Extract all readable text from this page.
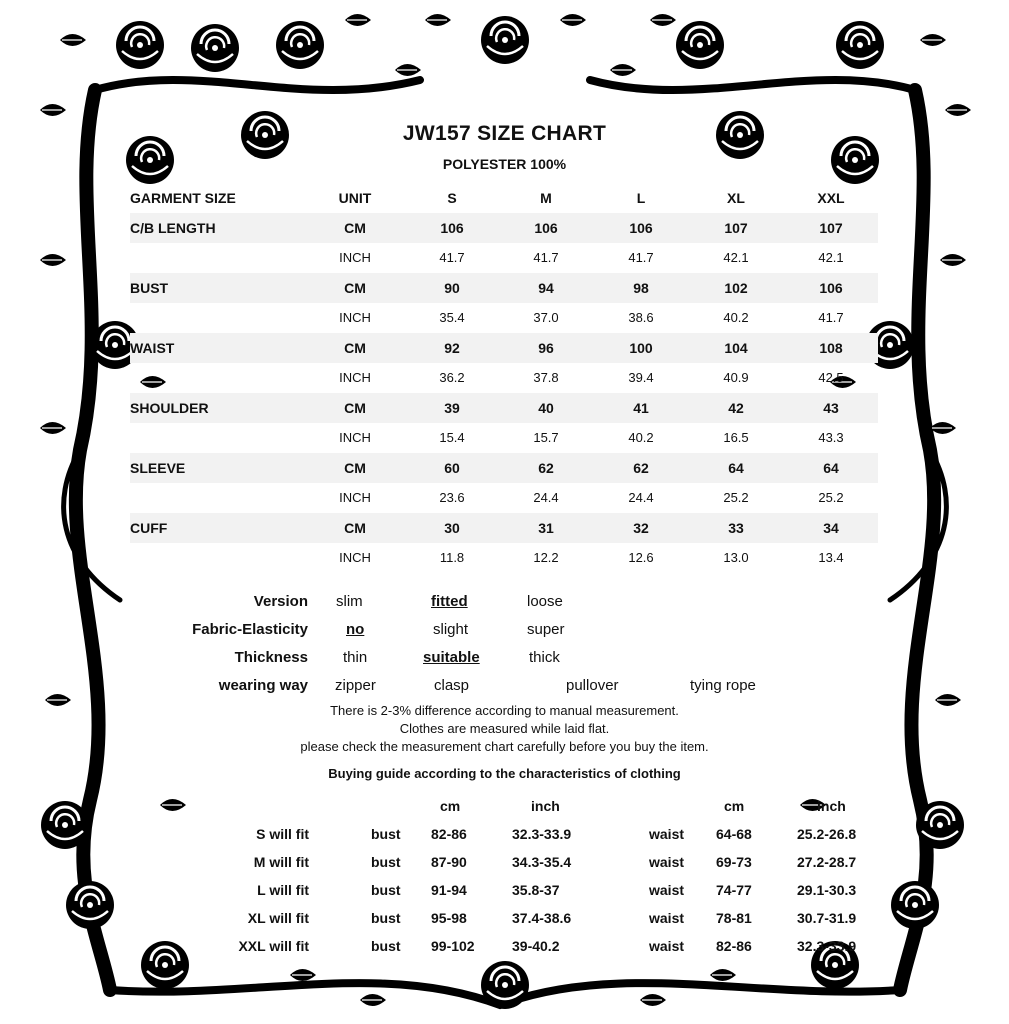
JW157 SIZE CHART
POLYESTER 100%
GARMENT SIZE	UNIT	S	M	L	XL	XXL
C/B LENGTH	CM	106	106	106	107	107
INCH	41.7	41.7	41.7	42.1	42.1
BUST	CM	90	94	98	102	106
INCH	35.4	37.0	38.6	40.2	41.7
WAIST	CM	92	96	100	104	108
INCH	36.2	37.8	39.4	40.9	42.5
SHOULDER	CM	39	40	41	42	43
INCH	15.4	15.7	40.2	16.5	43.3
SLEEVE	CM	60	62	62	64	64
INCH	23.6	24.4	24.4	25.2	25.2
CUFF	CM	30	31	32	33	34
INCH	11.8	12.2	12.6	13.0	13.4
Version slim	fitted	loose
Fabric-Elasticity	no	slight	super
Thickness thin	suitable	thick
wearing way zipper	clasp	pullover	tying rope
There is 2-3% difference according to manual measurement.
Clothes are measured while laid flat.
please check the measurement chart carefully before you buy the item.
Buying guide according to the characteristics of clothing
cm	inch	cm	inch
S will fit	bust 82-86	32.3-33.9	waist 64-68	25.2-26.8
M will fit	bust 87-90	34.3-35.4	waist 69-73	27.2-28.7
L will fit	bust 91-94	35.8-37	waist 74-77	29.1-30.3
XL will fit	bust 95-98	37.4-38.6	waist 78-81	30.7-31.9
XXL will fit	bust 99-102	39-40.2	waist 82-86	32.3-33.9
